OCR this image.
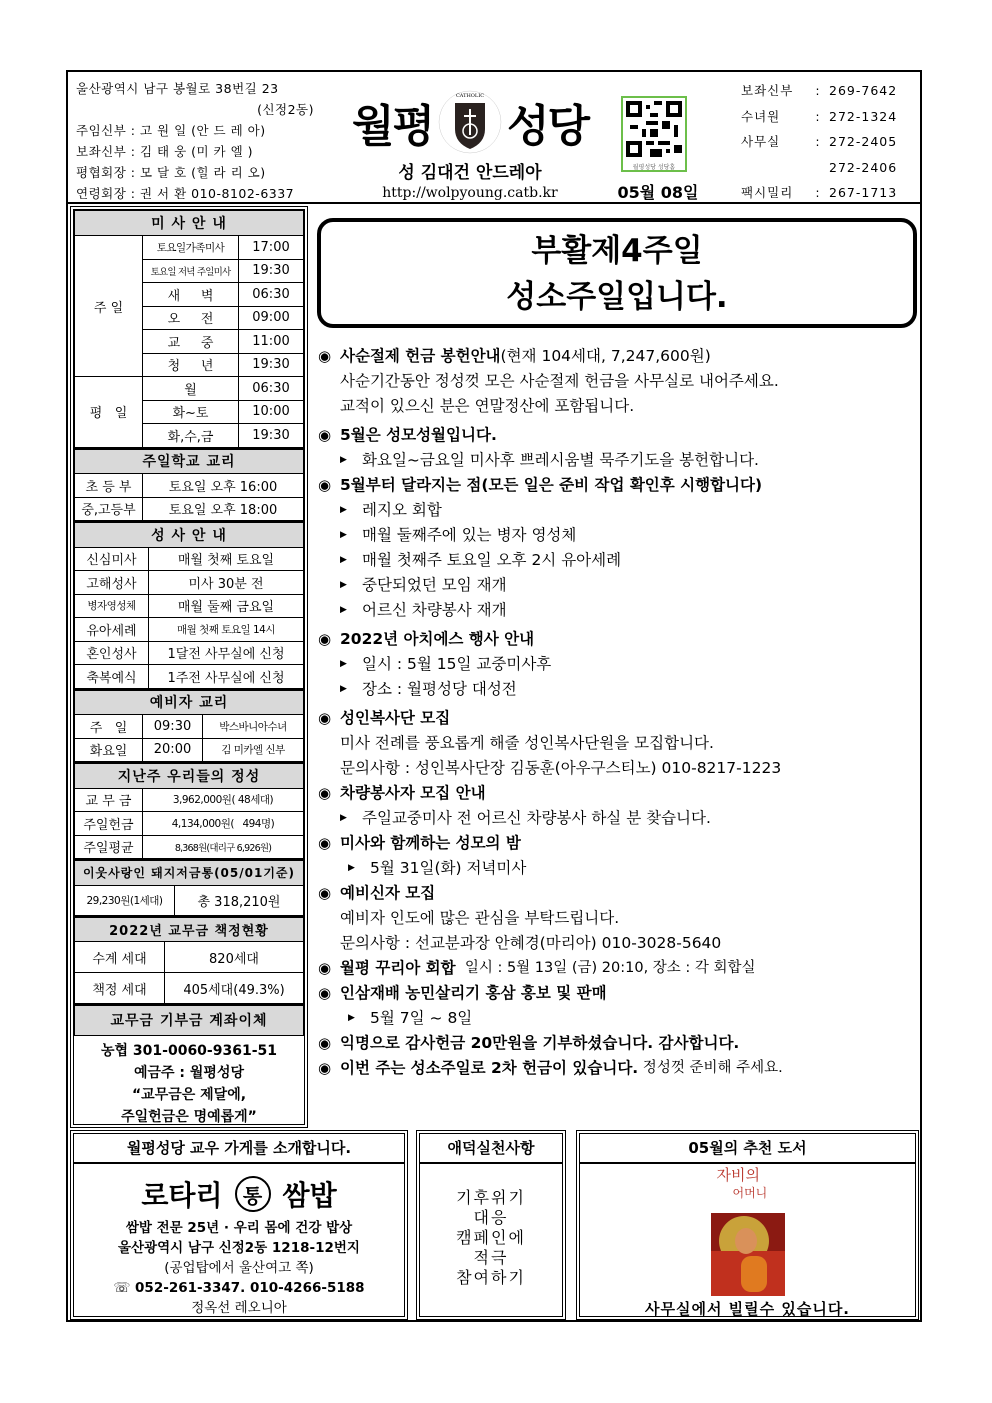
울산광역시 남구 봉월로 38번길 23
(신정2동)
주임신부 : 고 원 일 (안 드 레 아)
보좌신부 : 김 태 웅 (미 카 엘 )
평협회장 : 모 달 호 (힐 라 리 오)
연령회장 : 권 서 환 010-8102-6337
월평
CATHOLIC
성당
성 김대건 안드레아
http://wolpyoung.catb.kr
월평성당 성당홈
05월 08일
보좌신부	: 269-7642
수녀원	: 272-1324
사무실	: 272-2405
272-2406
팩시밀리	: 267-1713
미 사 안 내		
주 일	토요일가족미사	17:00
	토요일 저녁 주일미사	19:30
	새     벽	06:30
	오     전	09:00
	교     중	11:00
	청     년	19:30
평   일	월	06:30
	화~토	10:00
	화,수,금	19:30
주일학교 교리	
초 등 부	토요일 오후 16:00
중,고등부	토요일 오후 18:00
성 사 안 내	
신심미사	매월 첫째 토요일
고해성사	미사 30분 전
병자영성체	매월 둘째 금요일
유아세례	매월 첫째 토요일 14시
혼인성사	1달전 사무실에 신청
축복예식	1주전 사무실에 신청
예비자 교리		
주   일	09:30	박스바니아수녀
화요일	20:00	김 미카엘 신부
지난주 우리들의 정성	
교 무 금	3,962,000원( 48세대)
주일헌금	4,134,000원(   494명)
주일평균	8,368원(대리구 6,926원)
이웃사랑인 돼지저금통(05/01기준)
29,230원(1세대)	총 318,210원
2022년 교무금 책정현황	
수계 세대	820세대
책정 세대	405세대(49.3%)
교무금 기부금 계좌이체
농협 301-0060-9361-51
예금주 : 월평성당
“교무금은 제달에,
주일헌금은 명예롭게”
부활제4주일
성소주일입니다.
◉ 사순절제 헌금 봉헌안내 (현재 104세대, 7,247,600원)
사순기간동안 정성껏 모은 사순절제 헌금을 사무실로 내어주세요.
교적이 있으신 분은 연말정산에 포함됩니다.
◉ 5월은 성모성월입니다.
▶ 화요일~금요일 미사후 쁘레시움별 묵주기도을 봉헌합니다.
◉ 5월부터 달라지는 점(모든 일은 준비 작업 확인후 시행합니다)
▶ 레지오 회합
▶ 매월 둘째주에 있는 병자 영성체
▶ 매월 첫째주 토요일 오후 2시 유아세례
▶ 중단되었던 모임 재개
▶ 어르신 차량봉사 재개
◉ 2022년 아치에스 행사 안내
▶ 일시 : 5월 15일 교중미사후
▶ 장소 : 월평성당 대성전
◉ 성인복사단 모집
미사 전례를 풍요롭게 해줄 성인복사단원을 모집합니다.
문의사항 : 성인복사단장 김동훈(아우구스티노) 010-8217-1223
◉ 차량봉사자 모집 안내
▶ 주일교중미사 전 어르신 차량봉사 하실 분 찾습니다.
◉ 미사와 함께하는 성모의 밤
▶ 5월 31일(화) 저녁미사
◉ 예비신자 모집
예비자 인도에 많은 관심을 부탁드립니다.
문의사항 : 선교분과장 안혜경(마리아) 010-3028-5640
◉ 월평 꾸리아 회합 일시 : 5월 13일 (금) 20:10, 장소 : 각 회합실
◉ 인삼재배 농민살리기 홍삼 홍보 및 판매
▶ 5월 7일 ~ 8일
◉ 익명으로 감사헌금 20만원을 기부하셨습니다. 감사합니다.
◉ 이번 주는 성소주일로 2차 헌금이 있습니다. 정성껏 준비해 주세요.
월평성당 교우 가게를 소개합니다.
로타리	통 쌈밥
쌈밥 전문 25년 · 우리 몸에 건강 밥상
울산광역시 남구 신정2동 1218-12번지
(공업탑에서 울산여고 쪽)
☏ 052-261-3347. 010-4266-5188
정옥선 레오니아
애덕실천사항
기후위기
대응
캠페인에
적극
참여하기
05월의 추천 도서
자비의
어머니
사무실에서 빌릴수 있습니다.
